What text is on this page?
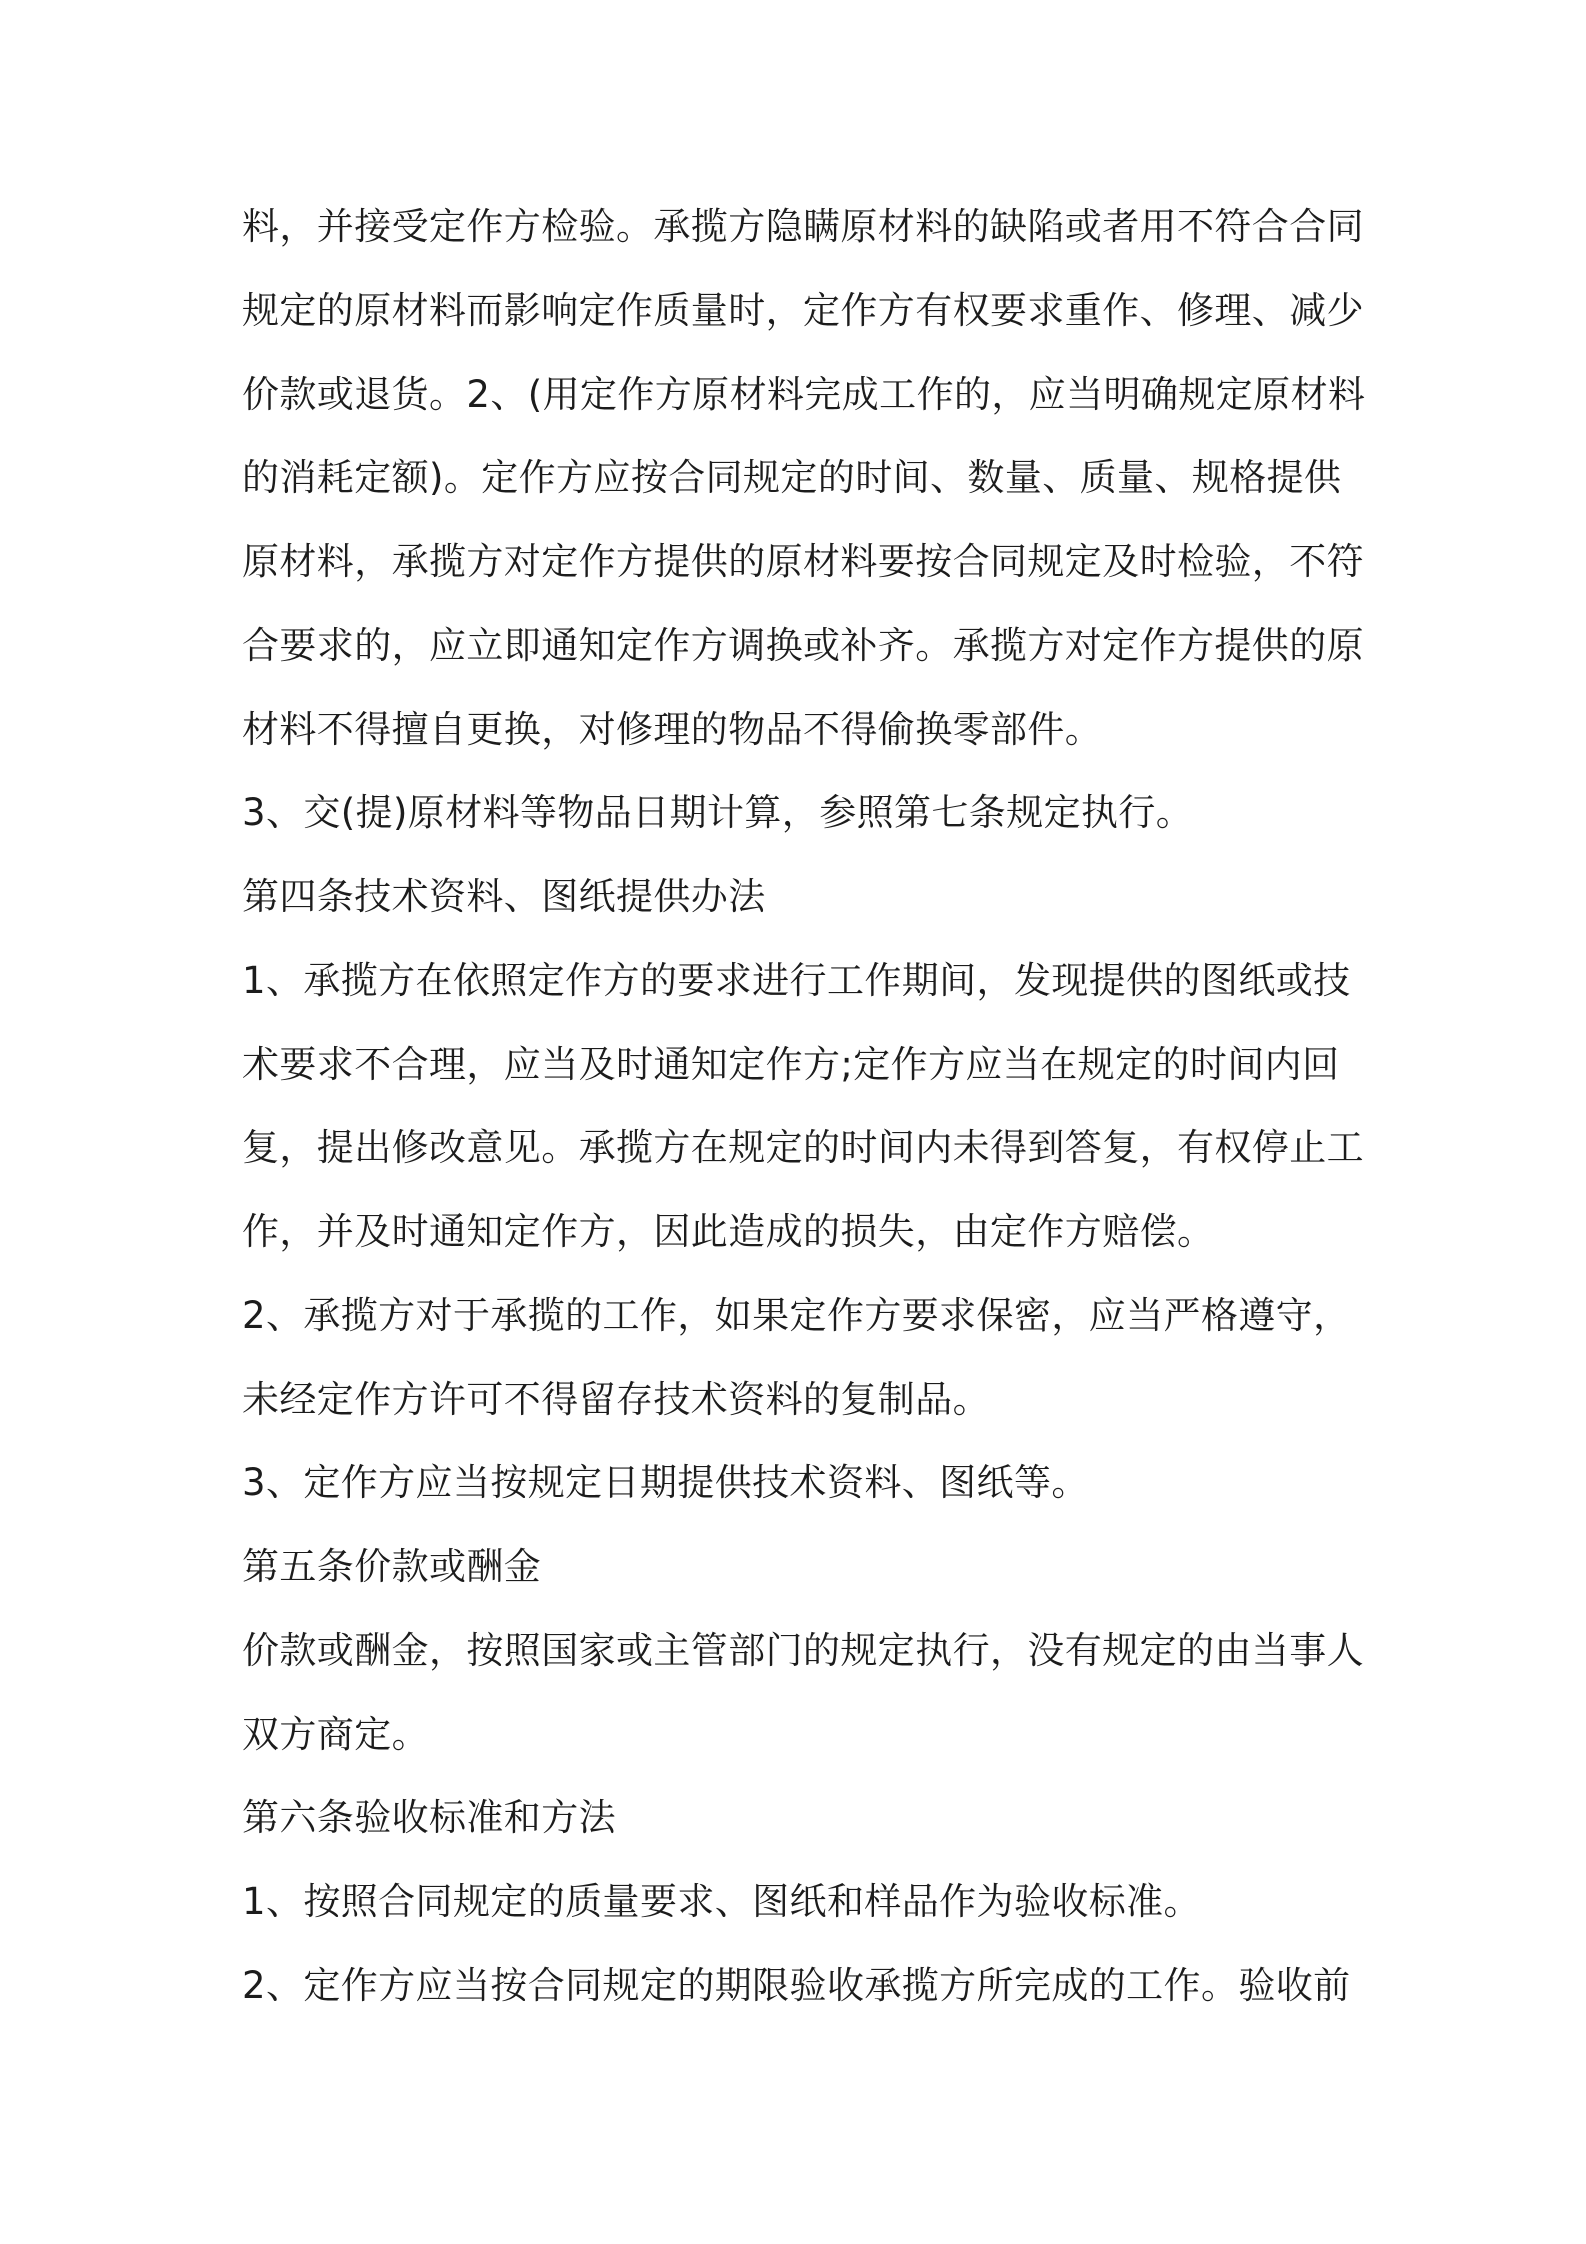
料，并接受定作方检验。承揽方隐瞒原材料的缺陷或者用不符合合同
规定的原材料而影响定作质量时，定作方有权要求重作、修理、减少
价款或退货。2、(用定作方原材料完成工作的，应当明确规定原材料
的消耗定额)。定作方应按合同规定的时间、数量、质量、规格提供
原材料，承揽方对定作方提供的原材料要按合同规定及时检验，不符
合要求的，应立即通知定作方调换或补齐。承揽方对定作方提供的原
材料不得擅自更换，对修理的物品不得偷换零部件。
3、交(提)原材料等物品日期计算，参照第七条规定执行。
第四条技术资料、图纸提供办法
1、承揽方在依照定作方的要求进行工作期间，发现提供的图纸或技
术要求不合理，应当及时通知定作方;定作方应当在规定的时间内回
复，提出修改意见。承揽方在规定的时间内未得到答复，有权停止工
作，并及时通知定作方，因此造成的损失，由定作方赔偿。
2、承揽方对于承揽的工作，如果定作方要求保密，应当严格遵守，
未经定作方许可不得留存技术资料的复制品。
3、定作方应当按规定日期提供技术资料、图纸等。
第五条价款或酬金
价款或酬金，按照国家或主管部门的规定执行，没有规定的由当事人
双方商定。
第六条验收标准和方法
1、按照合同规定的质量要求、图纸和样品作为验收标准。
2、定作方应当按合同规定的期限验收承揽方所完成的工作。验收前
